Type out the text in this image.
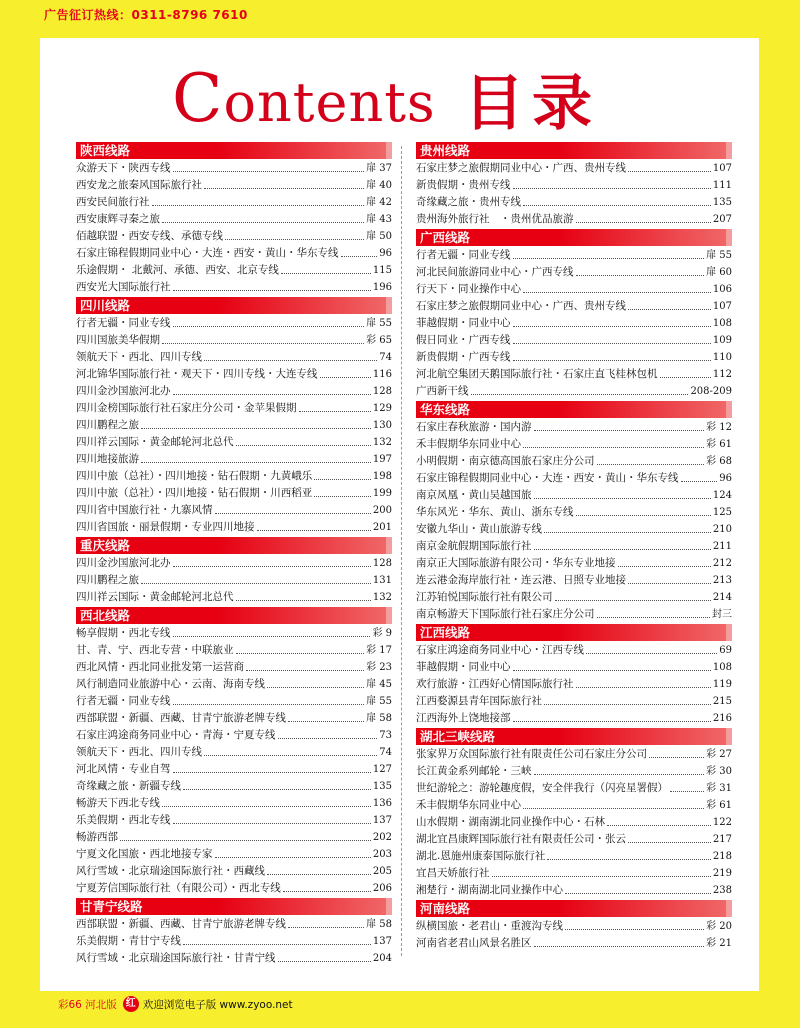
广告征订热线：0311-8796 7610
Contents 目录
陕西线路
众游天下・陕西专线	扉 37
西安龙之旅秦风国际旅行社	扉 40
西安民间旅行社	扉 42
西安康辉寻秦之旅	扉 43
佰越联盟・西安专线、承德专线	扉 50
石家庄锦程假期同业中心・大连・西安・黄山・华东专线	96
乐途假期・ 北戴河、承德、西安、北京专线	115
西安光大国际旅行社	196
四川线路
行者无疆・同业专线	扉 55
四川国旅美华假期	彩 65
领航天下・西北、四川专线	74
河北锦华国际旅行社・观天下・四川专线・大连专线	116
四川金沙国旅河北办	128
四川金榜国际旅行社石家庄分公司・金苹果假期	129
四川鹏程之旅	130
四川祥云国际・黄金邮轮河北总代	132
四川地接旅游	197
四川中旅（总社）・四川地接・钻石假期・九黄峨乐	198
四川中旅（总社）・四川地接・钻石假期・川西稻亚	199
四川省中国旅行社・九寨风情	200
四川省国旅・丽景假期・专业四川地接	201
重庆线路
四川金沙国旅河北办	128
四川鹏程之旅	131
四川祥云国际・黄金邮轮河北总代	132
西北线路
畅享假期・西北专线	彩 9
甘、青、宁、西北专营・中联旅业	彩 17
西北风情・西北同业批发第一运营商	彩 23
风行制造同业旅游中心・云南、海南专线	扉 45
行者无疆・同业专线	扉 55
西部联盟・新疆、西藏、甘青宁旅游老牌专线	扉 58
石家庄鸿途商务同业中心・青海・宁夏专线	73
领航天下・西北、四川专线	74
河北风情・专业自驾	127
奇缘藏之旅・新疆专线	135
畅游天下西北专线	136
乐美假期・西北专线	137
畅游西部	202
宁夏文化国旅・西北地接专家	203
风行雪域・北京瑞途国际旅行社・西藏线	205
宁夏芳信国际旅行社（有限公司）・西北专线	206
甘青宁线路
西部联盟・新疆、西藏、甘青宁旅游老牌专线	扉 58
乐美假期・青甘宁专线	137
风行雪域・北京瑞途国际旅行社・甘青宁线	204
贵州线路
石家庄梦之旅假期同业中心・广西、贵州专线	107
新贵假期・贵州专线	111
奇缘藏之旅・贵州专线	135
贵州海外旅行社　・贵州优品旅游	207
广西线路
行者无疆・同业专线	扉 55
河北民间旅游同业中心・广西专线	扉 60
行天下・同业操作中心	106
石家庄梦之旅假期同业中心・广西、贵州专线	107
菲越假期・同业中心	108
假日同业・广西专线	109
新贵假期・广西专线	110
河北航空集团天鹅国际旅行社・石家庄直飞桂林包机	112
广西新干线	208-209
华东线路
石家庄春秋旅游・国内游	彩 12
禾丰假期华东同业中心	彩 61
小明假期・南京德高国旅石家庄分公司	彩 68
石家庄锦程假期同业中心・大连・西安・黄山・华东专线	96
南京凤凰・黄山吴越国旅	124
华东风光・华东、黄山、浙东专线	125
安徽九华山・黄山旅游专线	210
南京金航假期国际旅行社	211
南京正大国际旅游有限公司・华东专业地接	212
连云港金海岸旅行社・连云港、日照专业地接	213
江苏铂悦国际旅行社有限公司	214
南京畅游天下国际旅行社石家庄分公司	封三
江西线路
石家庄鸿途商务同业中心・江西专线	69
菲越假期・同业中心	108
欢行旅游・江西好心情国际旅行社	119
江西婺源县青年国际旅行社	215
江西海外上饶地接部	216
湖北三峡线路
张家界万众国际旅行社有限责任公司石家庄分公司	彩 27
长江黄金系列邮轮・三峡	彩 30
世纪游轮之：游轮趣度假，安全伴我行（闪亮星署假）	彩 31
禾丰假期华东同业中心	彩 61
山水假期・湖南湖北同业操作中心・石林	122
湖北宜昌康辉国际旅行社有限责任公司・张云	217
湖北.恩施州康泰国际旅行社	218
宜昌天娇旅行社	219
湘楚行・湖南湖北同业操作中心	238
河南线路
纵横国旅・老君山・重渡沟专线	彩 20
河南省老君山风景名胜区	彩 21
彩66 河北版 红 欢迎浏览电子版 www.zyoo.net
